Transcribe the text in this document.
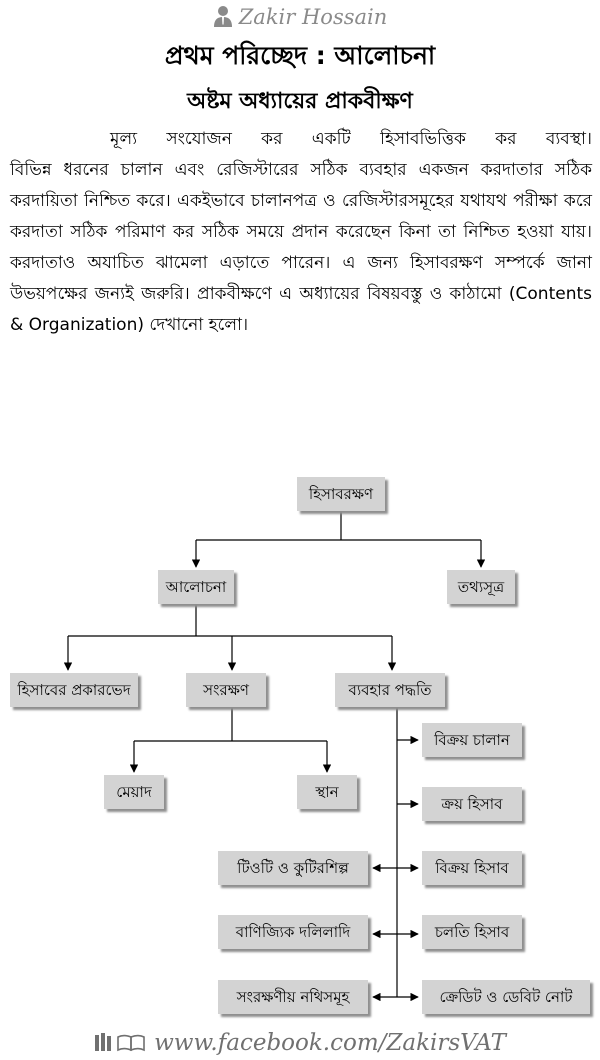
Zakir Hossain
প্রথম পরিচ্ছেদ : আলোচনা
অষ্টম অধ্যায়ের প্রাকবীক্ষণ
মূল্য সংযোজন কর একটি হিসাবভিত্তিক কর ব্যবস্থা।
বিভিন্ন ধরনের চালান এবং রেজিস্টারের সঠিক ব্যবহার একজন করদাতার সঠিক করদায়িতা নিশ্চিত করে। একইভাবে চালানপত্র ও রেজিস্টারসমূহের যথাযথ পরীক্ষা করে করদাতা সঠিক পরিমাণ কর সঠিক সময়ে প্রদান করেছেন কিনা তা নিশ্চিত হওয়া যায়। করদাতাও অযাচিত ঝামেলা এড়াতে পারেন। এ জন্য হিসাবরক্ষণ সম্পর্কে জানা উভয়পক্ষের জন্যই জরুরি। প্রাকবীক্ষণে এ অধ্যায়ের বিষয়বস্তু ও কাঠামো (Contents & Organization) দেখানো হলো।
হিসাবরক্ষণ
আলোচনা	তথ্যসূত্র
হিসাবের প্রকারভেদ	সংরক্ষণ	ব্যবহার পদ্ধতি
মেয়াদ	স্থান
বিক্রয় চালান
ক্রয় হিসাব
বিক্রয় হিসাব
চলতি হিসাব
ক্রেডিট ও ডেবিট নোট
টিওটি ও কুটিরশিল্প
বাণিজ্যিক দলিলাদি
সংরক্ষণীয় নথিসমূহ
www.facebook.com/ZakirsVAT
